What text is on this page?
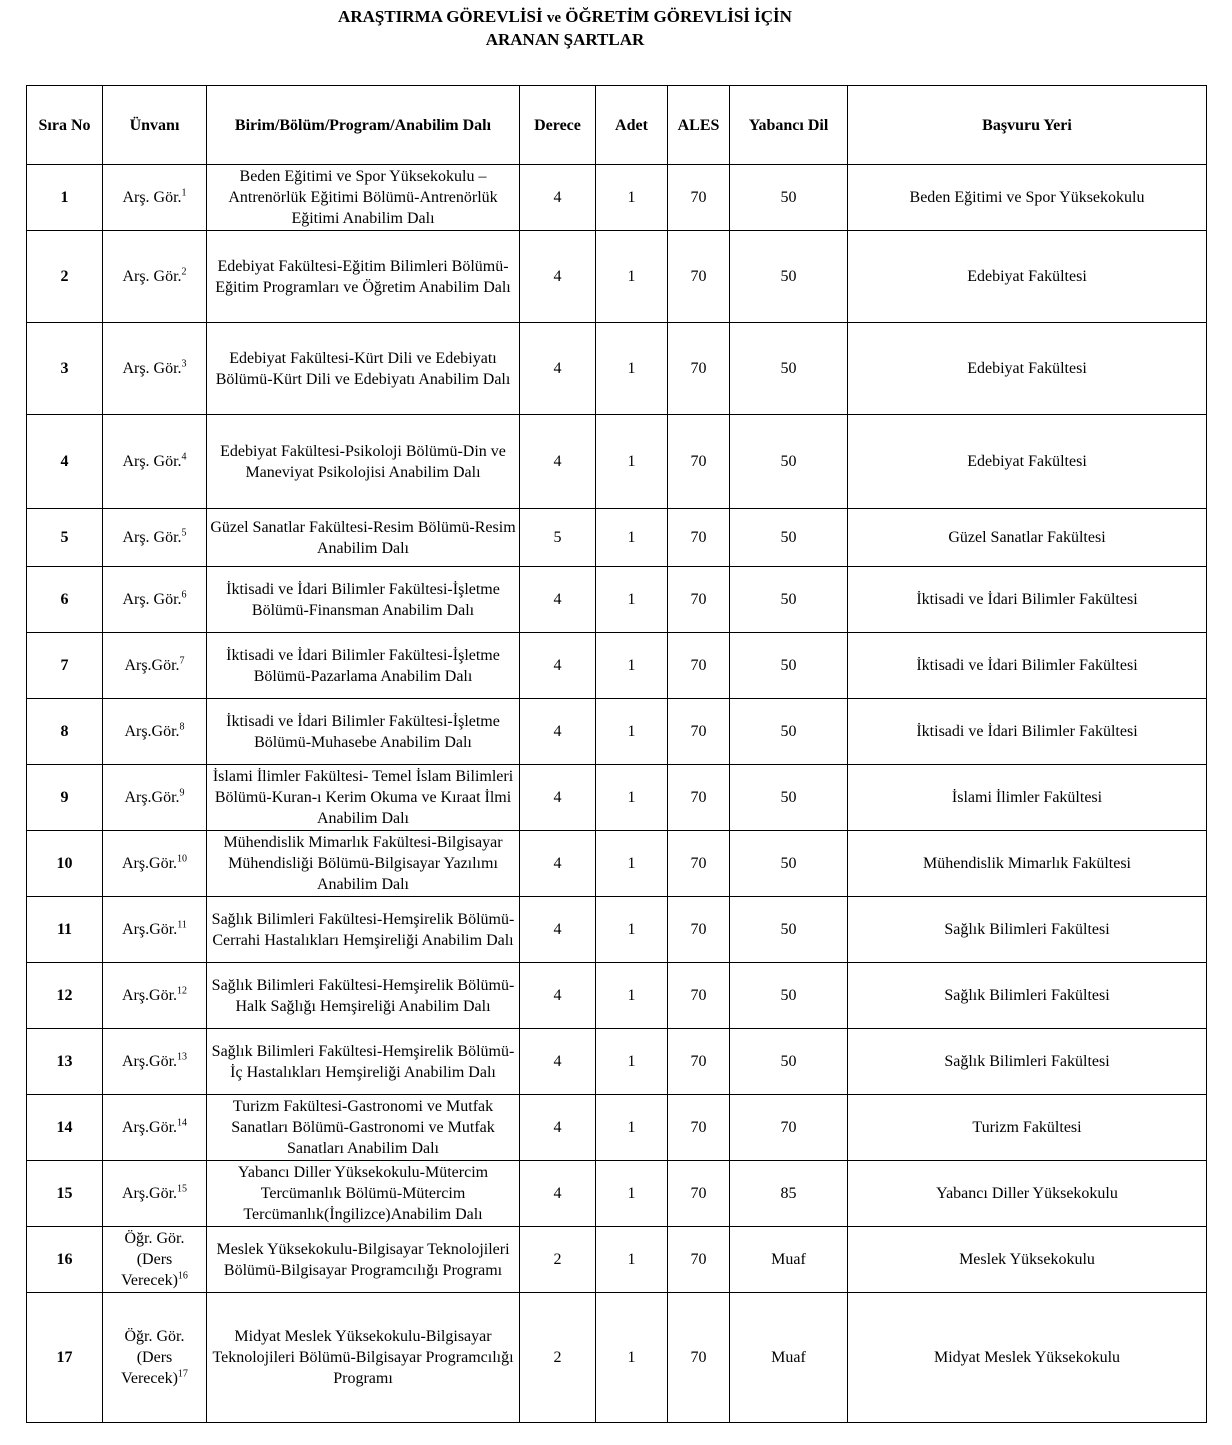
ARAŞTIRMA GÖREVLİSİ ve ÖĞRETİM GÖREVLİSİ İÇİN
ARANAN ŞARTLAR
Sıra No	Ünvanı	Birim/Bölüm/Program/Anabilim Dalı	Derece	Adet	ALES	Yabancı Dil	Başvuru Yeri
1	Arş. Gör.$^1$	Beden Eğitimi ve Spor Yüksekokulu – Antrenörlük Eğitimi Bölümü-Antrenörlük Eğitimi Anabilim Dalı	4	1	70	50	Beden Eğitimi ve Spor Yüksekokulu
2	Arş. Gör.$^2$	Edebiyat Fakültesi-Eğitim Bilimleri Bölümü-Eğitim Programları ve Öğretim Anabilim Dalı	4	1	70	50	Edebiyat Fakültesi
3	Arş. Gör.$^3$	Edebiyat Fakültesi-Kürt Dili ve Edebiyatı Bölümü-Kürt Dili ve Edebiyatı Anabilim Dalı	4	1	70	50	Edebiyat Fakültesi
4	Arş. Gör.$^4$	Edebiyat Fakültesi-Psikoloji Bölümü-Din ve Maneviyat Psikolojisi Anabilim Dalı	4	1	70	50	Edebiyat Fakültesi
5	Arş. Gör.$^5$	Güzel Sanatlar Fakültesi-Resim Bölümü-Resim Anabilim Dalı	5	1	70	50	Güzel Sanatlar Fakültesi
6	Arş. Gör.$^6$	İktisadi ve İdari Bilimler Fakültesi-İşletme Bölümü-Finansman Anabilim Dalı	4	1	70	50	İktisadi ve İdari Bilimler Fakültesi
7	Arş.Gör.$^7$	İktisadi ve İdari Bilimler Fakültesi-İşletme Bölümü-Pazarlama Anabilim Dalı	4	1	70	50	İktisadi ve İdari Bilimler Fakültesi
8	Arş.Gör.$^8$	İktisadi ve İdari Bilimler Fakültesi-İşletme Bölümü-Muhasebe Anabilim Dalı	4	1	70	50	İktisadi ve İdari Bilimler Fakültesi
9	Arş.Gör.$^9$	İslami İlimler Fakültesi- Temel İslam Bilimleri Bölümü-Kuran-ı Kerim Okuma ve Kıraat İlmi Anabilim Dalı	4	1	70	50	İslami İlimler Fakültesi
10	Arş.Gör.$^{10}$	Mühendislik Mimarlık Fakültesi-Bilgisayar Mühendisliği Bölümü-Bilgisayar Yazılımı Anabilim Dalı	4	1	70	50	Mühendislik Mimarlık Fakültesi
11	Arş.Gör.$^{11}$	Sağlık Bilimleri Fakültesi-Hemşirelik Bölümü-Cerrahi Hastalıkları Hemşireliği Anabilim Dalı	4	1	70	50	Sağlık Bilimleri Fakültesi
12	Arş.Gör.$^{12}$	Sağlık Bilimleri Fakültesi-Hemşirelik Bölümü-Halk Sağlığı Hemşireliği Anabilim Dalı	4	1	70	50	Sağlık Bilimleri Fakültesi
13	Arş.Gör.$^{13}$	Sağlık Bilimleri Fakültesi-Hemşirelik Bölümü-İç Hastalıkları Hemşireliği Anabilim Dalı	4	1	70	50	Sağlık Bilimleri Fakültesi
14	Arş.Gör.$^{14}$	Turizm Fakültesi-Gastronomi ve Mutfak Sanatları Bölümü-Gastronomi ve Mutfak Sanatları Anabilim Dalı	4	1	70	70	Turizm Fakültesi
15	Arş.Gör.$^{15}$	Yabancı Diller Yüksekokulu-Mütercim Tercümanlık Bölümü-Mütercim Tercümanlık(İngilizce)Anabilim Dalı	4	1	70	85	Yabancı Diller Yüksekokulu
16	Öğr. Gör. (Ders Verecek)$^{16}$	Meslek Yüksekokulu-Bilgisayar Teknolojileri Bölümü-Bilgisayar Programcılığı Programı	2	1	70	Muaf	Meslek Yüksekokulu
17	Öğr. Gör. (Ders Verecek)$^{17}$	Midyat Meslek Yüksekokulu-Bilgisayar Teknolojileri Bölümü-Bilgisayar Programcılığı Programı	2	1	70	Muaf	Midyat Meslek Yüksekokulu
